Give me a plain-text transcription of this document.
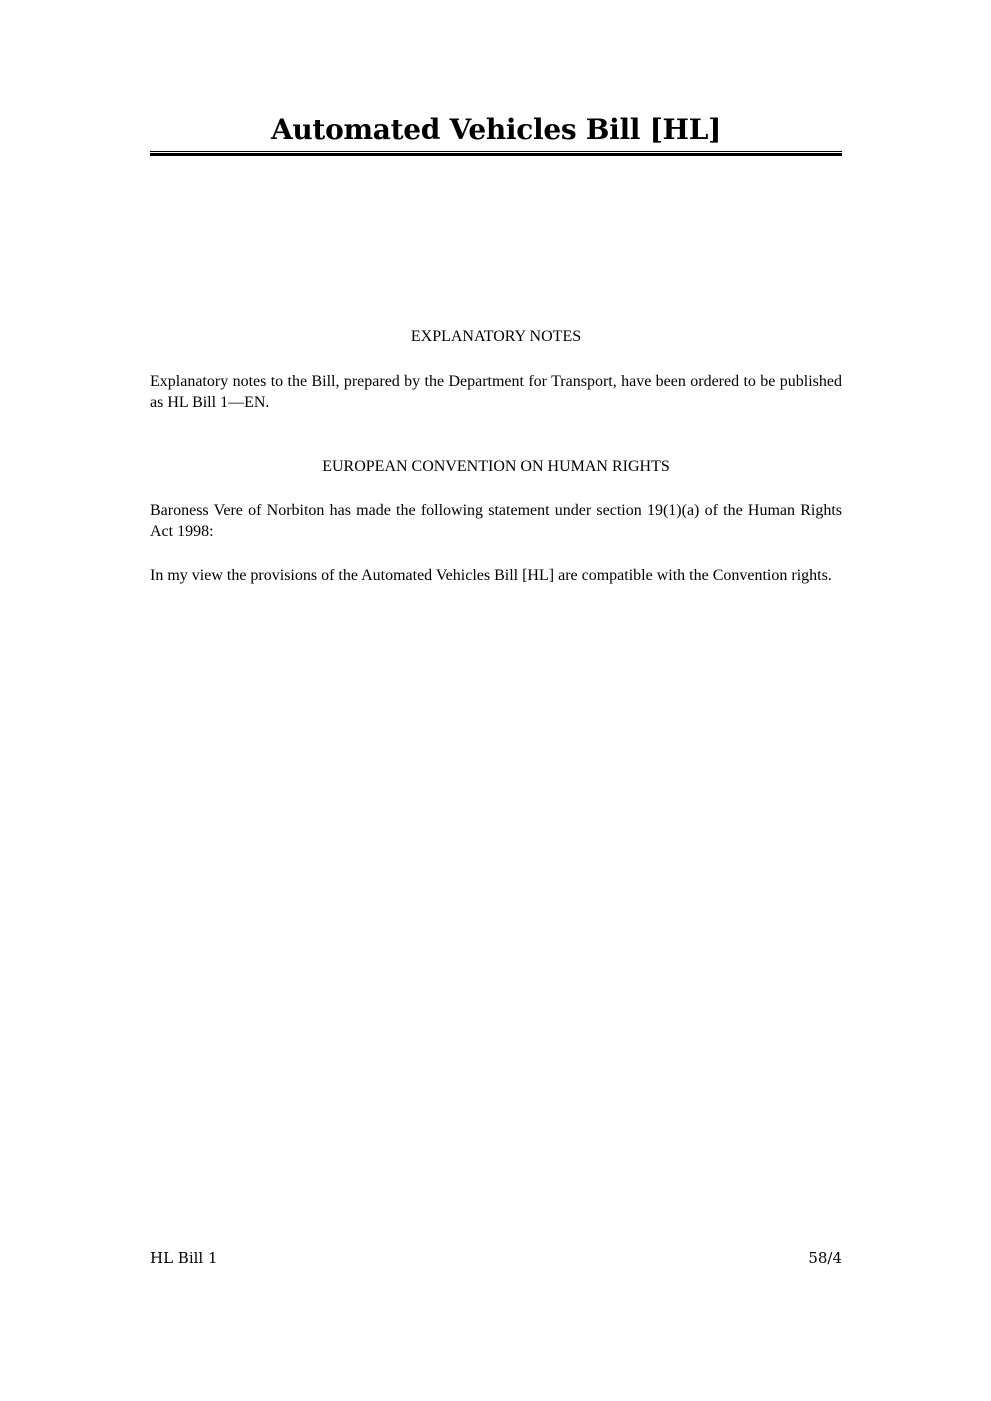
Automated Vehicles Bill [HL]
EXPLANATORY NOTES

Explanatory notes to the Bill, prepared by the Department for Transport, have been ordered to be published as HL Bill 1—EN.

EUROPEAN CONVENTION ON HUMAN RIGHTS

Baroness Vere of Norbiton has made the following statement under section 19(1)(a) of the Human Rights Act 1998:

In my view the provisions of the Automated Vehicles Bill [HL] are compatible with the Convention rights.

HL Bill 1	58/4
